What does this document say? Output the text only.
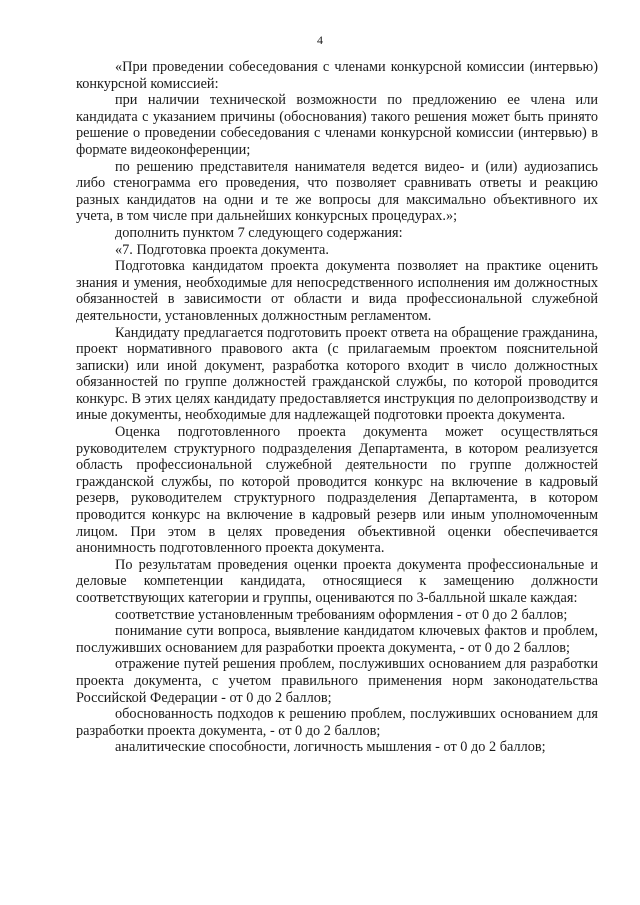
4

«При проведении собеседования с членами конкурсной комиссии (интервью) конкурсной комиссией:

при наличии технической возможности по предложению ее члена или кандидата с указанием причины (обоснования) такого решения может быть принято решение о проведении собеседования с членами конкурсной комиссии (интервью) в формате видеоконференции;

по решению представителя нанимателя ведется видео- и (или) аудиозапись либо стенограмма его проведения, что позволяет сравнивать ответы и реакцию разных кандидатов на одни и те же вопросы для максимально объективного их учета, в том числе при дальнейших конкурсных процедурах.»;

дополнить пунктом 7 следующего содержания:

«7. Подготовка проекта документа.

Подготовка кандидатом проекта документа позволяет на практике оценить знания и умения, необходимые для непосредственного исполнения им должностных обязанностей в зависимости от области и вида профессиональной служебной деятельности, установленных должностным регламентом.

Кандидату предлагается подготовить проект ответа на обращение гражданина, проект нормативного правового акта (с прилагаемым проектом пояснительной записки) или иной документ, разработка которого входит в число должностных обязанностей по группе должностей гражданской службы, по которой проводится конкурс. В этих целях кандидату предоставляется инструкция по делопроизводству и иные документы, необходимые для надлежащей подготовки проекта документа.

Оценка подготовленного проекта документа может осуществляться руководителем структурного подразделения Департамента, в котором реализуется область профессиональной служебной деятельности по группе должностей гражданской службы, по которой проводится конкурс на включение в кадровый резерв, руководителем структурного подразделения Департамента, в котором проводится конкурс на включение в кадровый резерв или иным уполномоченным лицом. При этом в целях проведения объективной оценки обеспечивается анонимность подготовленного проекта документа.

По результатам проведения оценки проекта документа профессиональные и деловые компетенции кандидата, относящиеся к замещению должности соответствующих категории и группы, оцениваются по 3-балльной шкале каждая:

соответствие установленным требованиям оформления - от 0 до 2 баллов;

понимание сути вопроса, выявление кандидатом ключевых фактов и проблем, послуживших основанием для разработки проекта документа, - от 0 до 2 баллов;

отражение путей решения проблем, послуживших основанием для разработки проекта документа, с учетом правильного применения норм законодательства Российской Федерации - от 0 до 2 баллов;

обоснованность подходов к решению проблем, послуживших основанием для разработки проекта документа, - от 0 до 2 баллов;

аналитические способности, логичность мышления - от 0 до 2 баллов;
